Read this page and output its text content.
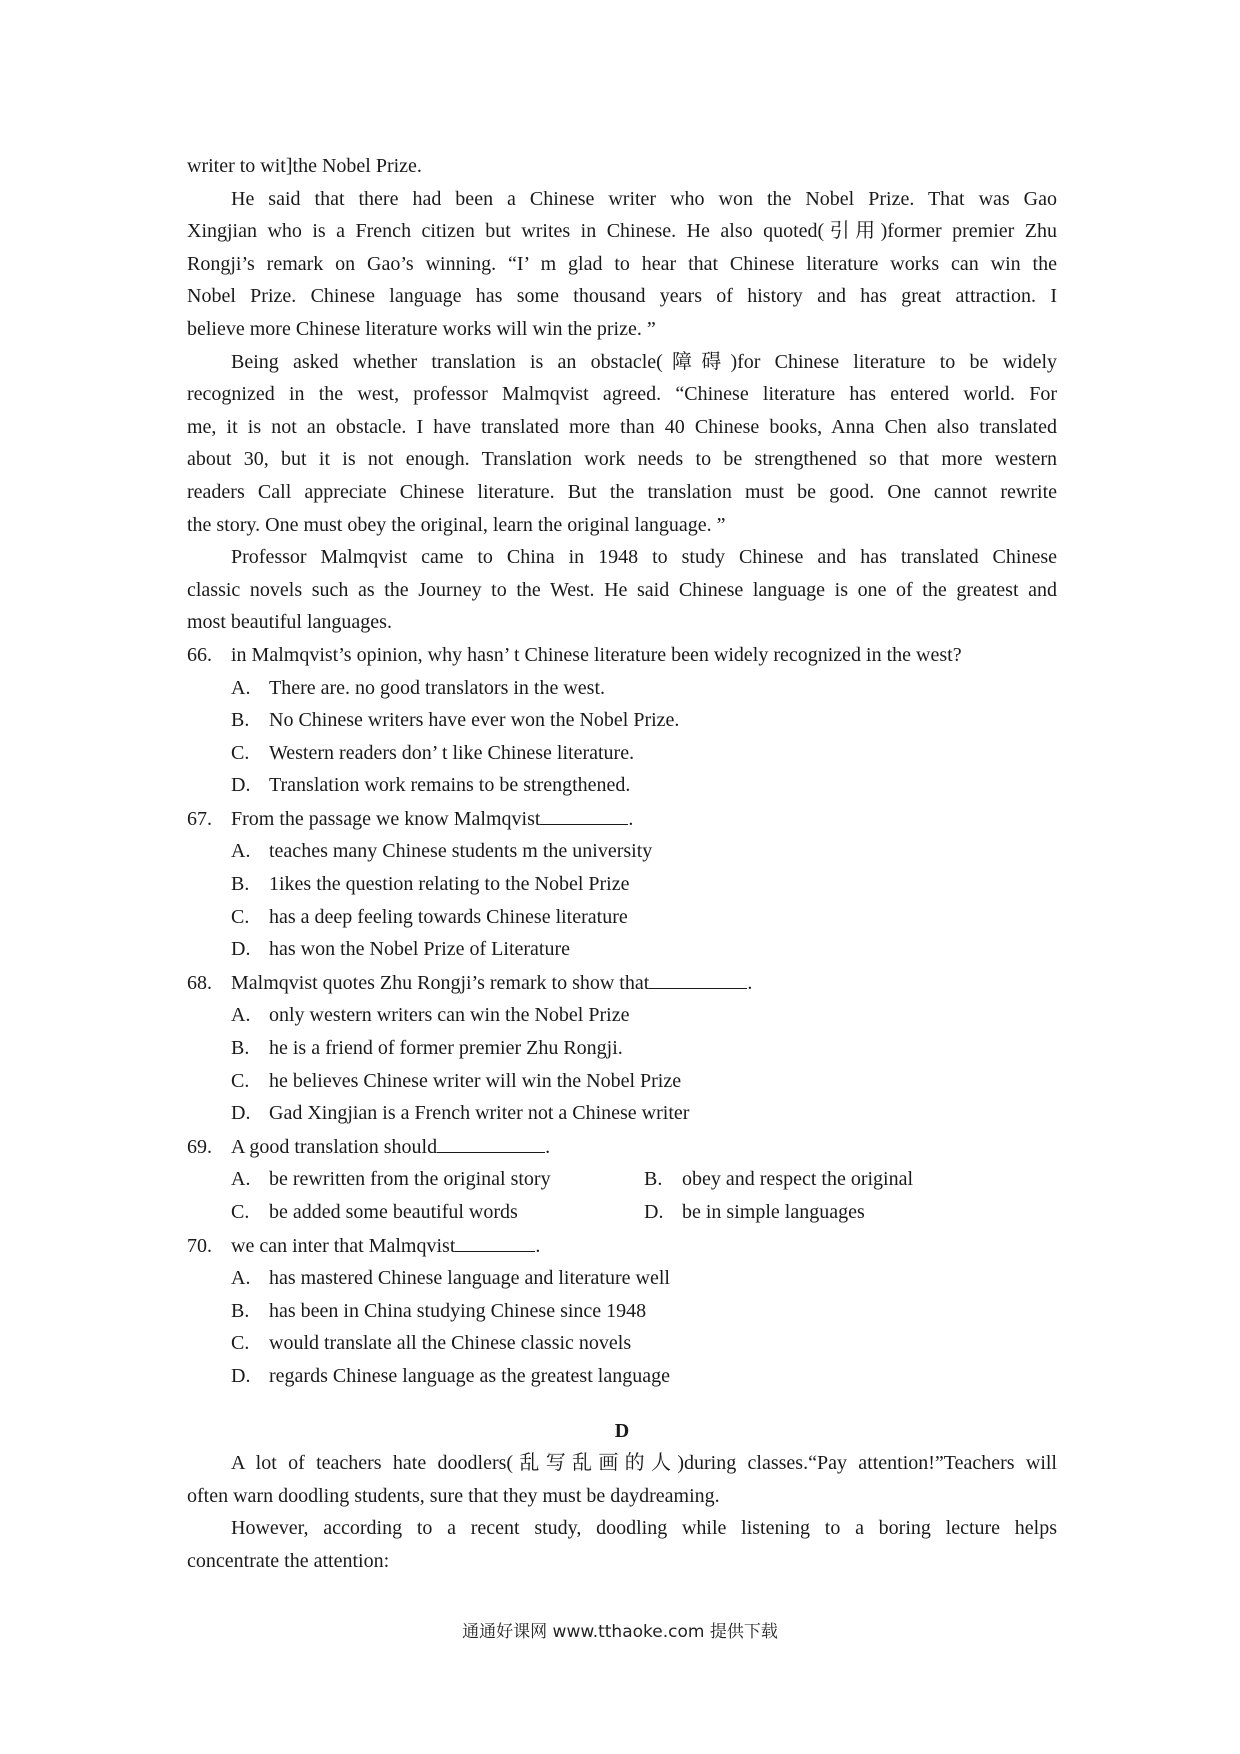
writer to wit]the Nobel Prize.
He said that there had been a Chinese writer who won the Nobel Prize. That was Gao
Xingjian who is a French citizen but writes in Chinese. He also quoted(引用)former premier Zhu
Rongji’s remark on Gao’s winning. “I’ m glad to hear that Chinese literature works can win the
Nobel Prize. Chinese language has some thousand years of history and has great attraction. I
believe more Chinese literature works will win the prize. ”
Being asked whether translation is an obstacle(障碍)for Chinese literature to be widely
recognized in the west, professor Malmqvist agreed. “Chinese literature has entered world. For
me, it is not an obstacle. I have translated more than 40 Chinese books, Anna Chen also translated
about 30, but it is not enough. Translation work needs to be strengthened so that more western
readers Call appreciate Chinese literature. But the translation must be good. One cannot rewrite
the story. One must obey the original, learn the original language. ”
Professor Malmqvist came to China in 1948 to study Chinese and has translated Chinese
classic novels such as the Journey to the West. He said Chinese language is one of the greatest and
most beautiful languages.
66. in Malmqvist’s opinion, why hasn’ t Chinese literature been widely recognized in the west?
A. There are. no good translators in the west.
B. No Chinese writers have ever won the Nobel Prize.
C. Western readers don’ t like Chinese literature.
D. Translation work remains to be strengthened.
67. From the passage we know Malmqvist	.
A. teaches many Chinese students m the university
B. 1ikes the question relating to the Nobel Prize
C. has a deep feeling towards Chinese literature
D. has won the Nobel Prize of Literature
68. Malmqvist quotes Zhu Rongji’s remark to show that	.
A. only western writers can win the Nobel Prize
B. he is a friend of former premier Zhu Rongji.
C. he believes Chinese writer will win the Nobel Prize
D. Gad Xingjian is a French writer not a Chinese writer
69. A good translation should	.
A. be rewritten from the original story	B. obey and respect the original
C. be added some beautiful words	D. be in simple languages
70. we can inter that Malmqvist	.
A. has mastered Chinese language and literature well
B. has been in China studying Chinese since 1948
C. would translate all the Chinese classic novels
D. regards Chinese language as the greatest language
D
A lot of teachers hate doodlers(乱写乱画的人)during classes.“Pay attention!”Teachers will
often warn doodling students, sure that they must be daydreaming.
However, according to a recent study, doodling while listening to a boring lecture helps
concentrate the attention:
通通好课网 www.tthaoke.com 提供下载
